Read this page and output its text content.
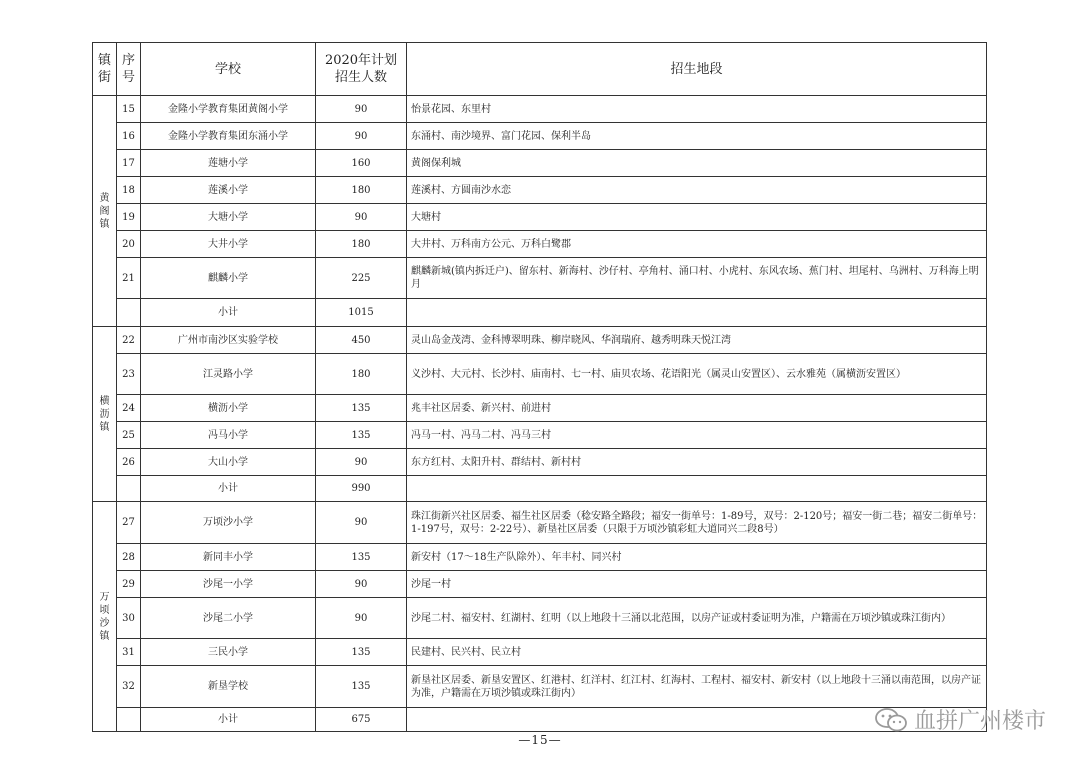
镇街	序号	学校	2020年计划招生人数	招生地段

黄阁镇	15	金隆小学教育集团黄阁小学	90	怡景花园、东里村
	16	金隆小学教育集团东涌小学	90	东涌村、南沙境界、富门花园、保利半岛
	17	莲塘小学	160	黄阁保利城
	18	莲溪小学	180	莲溪村、方圆南沙水恋
	19	大塘小学	90	大塘村
	20	大井小学	180	大井村、万科南方公元、万科白鹭郡
	21	麒麟小学	225	麒麟新城(镇内拆迁户)、留东村、新海村、沙仔村、亭角村、涌口村、小虎村、东风农场、蕉门村、坦尾村、乌洲村、万科海上明月
		小计	1015	

横沥镇	22	广州市南沙区实验学校	450	灵山岛金茂湾、金科博翠明珠、柳岸晓风、华润瑞府、越秀明珠天悦江湾
	23	江灵路小学	180	义沙村、大元村、长沙村、庙南村、七一村、庙贝农场、花语阳光（属灵山安置区）、云水雅苑（属横沥安置区）
	24	横沥小学	135	兆丰社区居委、新兴村、前进村
	25	冯马小学	135	冯马一村、冯马二村、冯马三村
	26	大山小学	90	东方红村、太阳升村、群结村、新村村
		小计	990	

万顷沙镇	27	万顷沙小学	90	珠江街新兴社区居委、福生社区居委（稔安路全路段；福安一街单号：1-89号，双号：2-120号；福安一街二巷；福安二街单号：1-197号，双号：2-22号）、新垦社区居委（只限于万顷沙镇彩虹大道同兴二段8号）
	28	新同丰小学	135	新安村（17～18生产队除外）、年丰村、同兴村
	29	沙尾一小学	90	沙尾一村
	30	沙尾二小学	90	沙尾二村、福安村、红湖村、红明（以上地段十三涌以北范围，以房产证或村委证明为准，户籍需在万顷沙镇或珠江街内）
	31	三民小学	135	民建村、民兴村、民立村
	32	新垦学校	135	新垦社区居委、新垦安置区、红港村、红洋村、红江村、红海村、工程村、福安村、新安村（以上地段十三涌以南范围，以房产证为准，户籍需在万顷沙镇或珠江街内）
		小计	675	
—15—
血拼广州楼市
